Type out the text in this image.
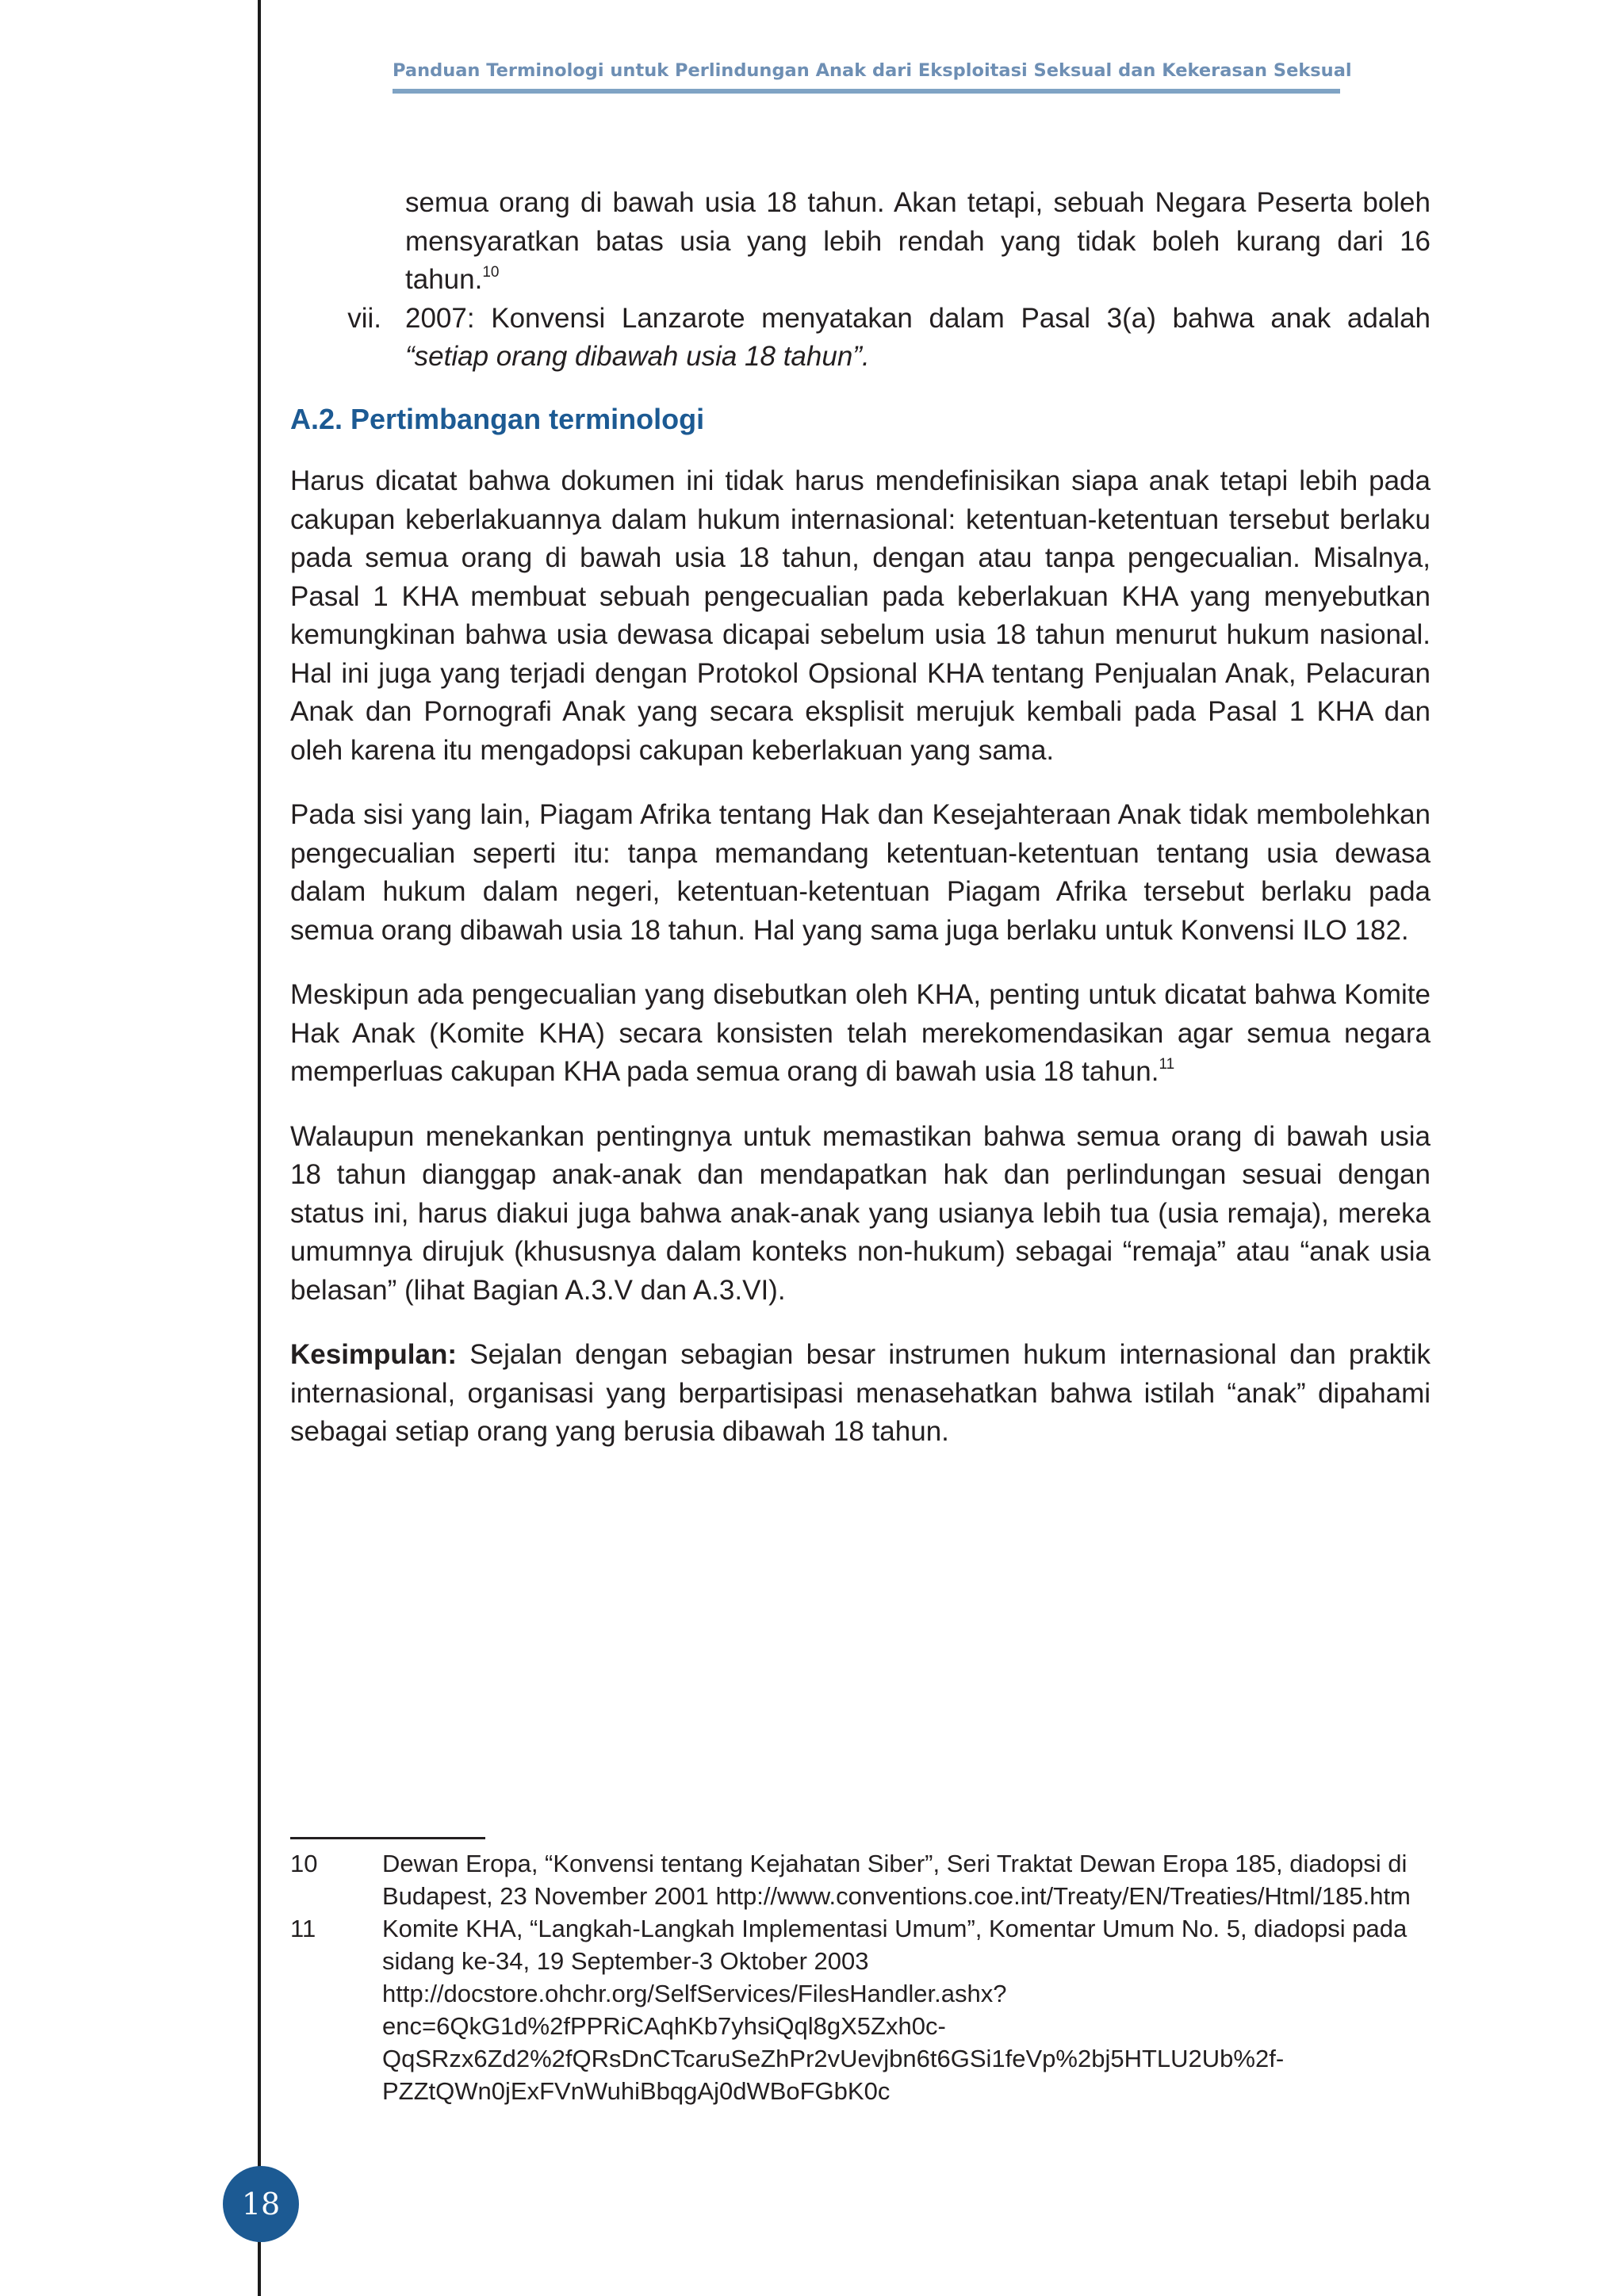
Panduan Terminologi untuk Perlindungan Anak dari Eksploitasi Seksual dan Kekerasan Seksual
semua orang di bawah usia 18 tahun. Akan tetapi, sebuah Negara Peserta boleh mensyaratkan batas usia yang lebih rendah yang tidak boleh kurang dari 16 tahun.$^{10}$
vii. 2007: Konvensi Lanzarote menyatakan dalam Pasal 3(a) bahwa anak adalah “setiap orang dibawah usia 18 tahun”.
A.2. Pertimbangan terminologi

Harus dicatat bahwa dokumen ini tidak harus mendefinisikan siapa anak tetapi lebih pada cakupan keberlakuannya dalam hukum internasional: ketentuan-ketentuan tersebut berlaku pada semua orang di bawah usia 18 tahun, dengan atau tanpa pengecualian. Misalnya, Pasal 1 KHA membuat sebuah pengecualian pada keberlakuan KHA yang menyebutkan kemungkinan bahwa usia dewasa dicapai sebelum usia 18 tahun menurut hukum nasional. Hal ini juga yang terjadi dengan Protokol Opsional KHA tentang Penjualan Anak, Pelacuran Anak dan Pornografi Anak yang secara eksplisit merujuk kembali pada Pasal 1 KHA dan oleh karena itu mengadopsi cakupan keberlakuan yang sama.

Pada sisi yang lain, Piagam Afrika tentang Hak dan Kesejahteraan Anak tidak membolehkan pengecualian seperti itu: tanpa memandang ketentuan-ketentuan tentang usia dewasa dalam hukum dalam negeri, ketentuan-ketentuan Piagam Afrika tersebut berlaku pada semua orang dibawah usia 18 tahun. Hal yang sama juga berlaku untuk Konvensi ILO 182.

Meskipun ada pengecualian yang disebutkan oleh KHA, penting untuk dicatat bahwa Komite Hak Anak (Komite KHA) secara konsisten telah merekomendasikan agar semua negara memperluas cakupan KHA pada semua orang di bawah usia 18 tahun.$^{11}$

Walaupun menekankan pentingnya untuk memastikan bahwa semua orang di bawah usia 18 tahun dianggap anak-anak dan mendapatkan hak dan perlindungan sesuai dengan status ini, harus diakui juga bahwa anak-anak yang usianya lebih tua (usia remaja), mereka umumnya dirujuk (khususnya dalam konteks non-hukum) sebagai “remaja” atau “anak usia belasan” (lihat Bagian A.3.V dan A.3.VI).

Kesimpulan: Sejalan dengan sebagian besar instrumen hukum internasional dan praktik internasional, organisasi yang berpartisipasi menasehatkan bahwa istilah “anak” dipahami sebagai setiap orang yang berusia dibawah 18 tahun.

10	Dewan Eropa, “Konvensi tentang Kejahatan Siber”, Seri Traktat Dewan Eropa 185, diadopsi di Budapest, 23 November 2001 http://www.conventions.coe.int/Treaty/EN/Treaties/Html/185.htm
11	Komite KHA, “Langkah-Langkah Implementasi Umum”, Komentar Umum No. 5, diadopsi pada sidang ke-34, 19 September-3 Oktober 2003 http://docstore.ohchr.org/SelfServices/FilesHandler.ashx?enc=6QkG1d%2fPPRiCAqhKb7yhsiQql8gX5Zxh0c-QqSRzx6Zd2%2fQRsDnCTcaruSeZhPr2vUevjbn6t6GSi1feVp%2bj5HTLU2Ub%2f-PZZtQWn0jExFVnWuhiBbqgAj0dWBoFGbK0c
18
